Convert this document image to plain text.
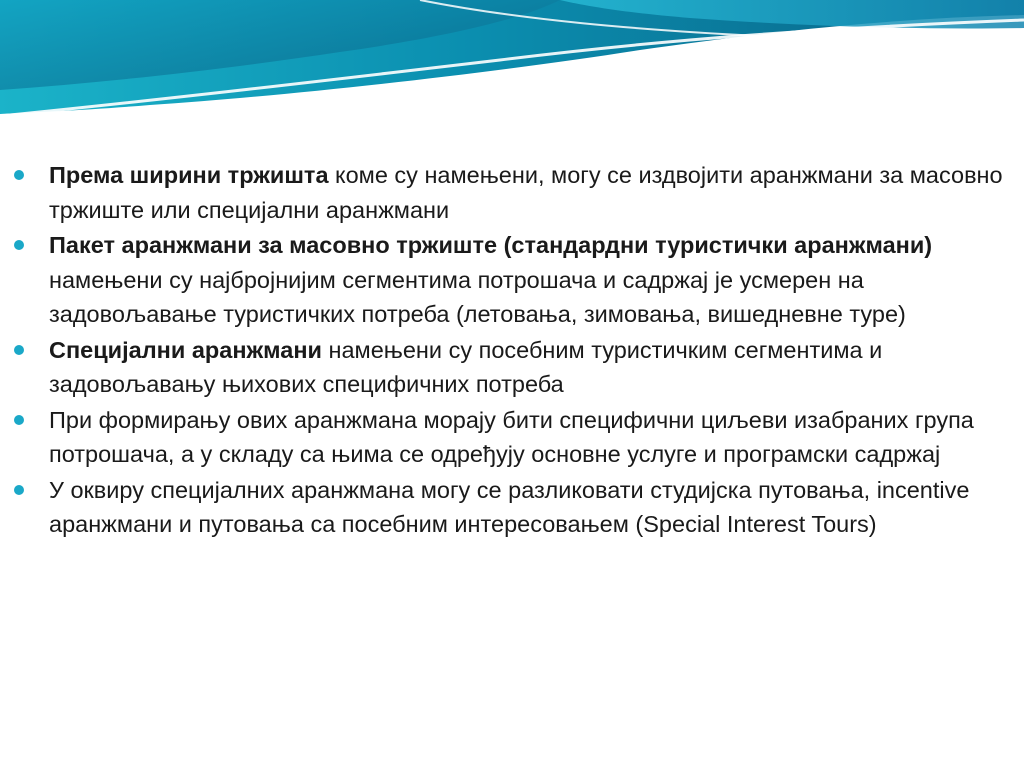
Према ширини тржишта коме су намењени, могу се издвојити аранжмани за масовно тржиште или специјални аранжмани
Пакет аранжмани за масовно тржиште (стандардни туристички аранжмани) намењени су најбројнијим сегментима потрошача и садржај је усмерен на задовољавање туристичких потреба (летовања, зимовања, вишедневне туре)
Специјални аранжмани намењени су посебним туристичким сегментима и задовољавању њихових специфичних потреба
При формирању ових аранжмана морају бити специфични циљеви изабраних група потрошача, а у складу са њима се одређују основне услуге и програмски садржај
У оквиру специјалних аранжмана могу се разликовати студијска путовања, incentive аранжмани и путовања са посебним интересовањем (Special Interest Tours)
